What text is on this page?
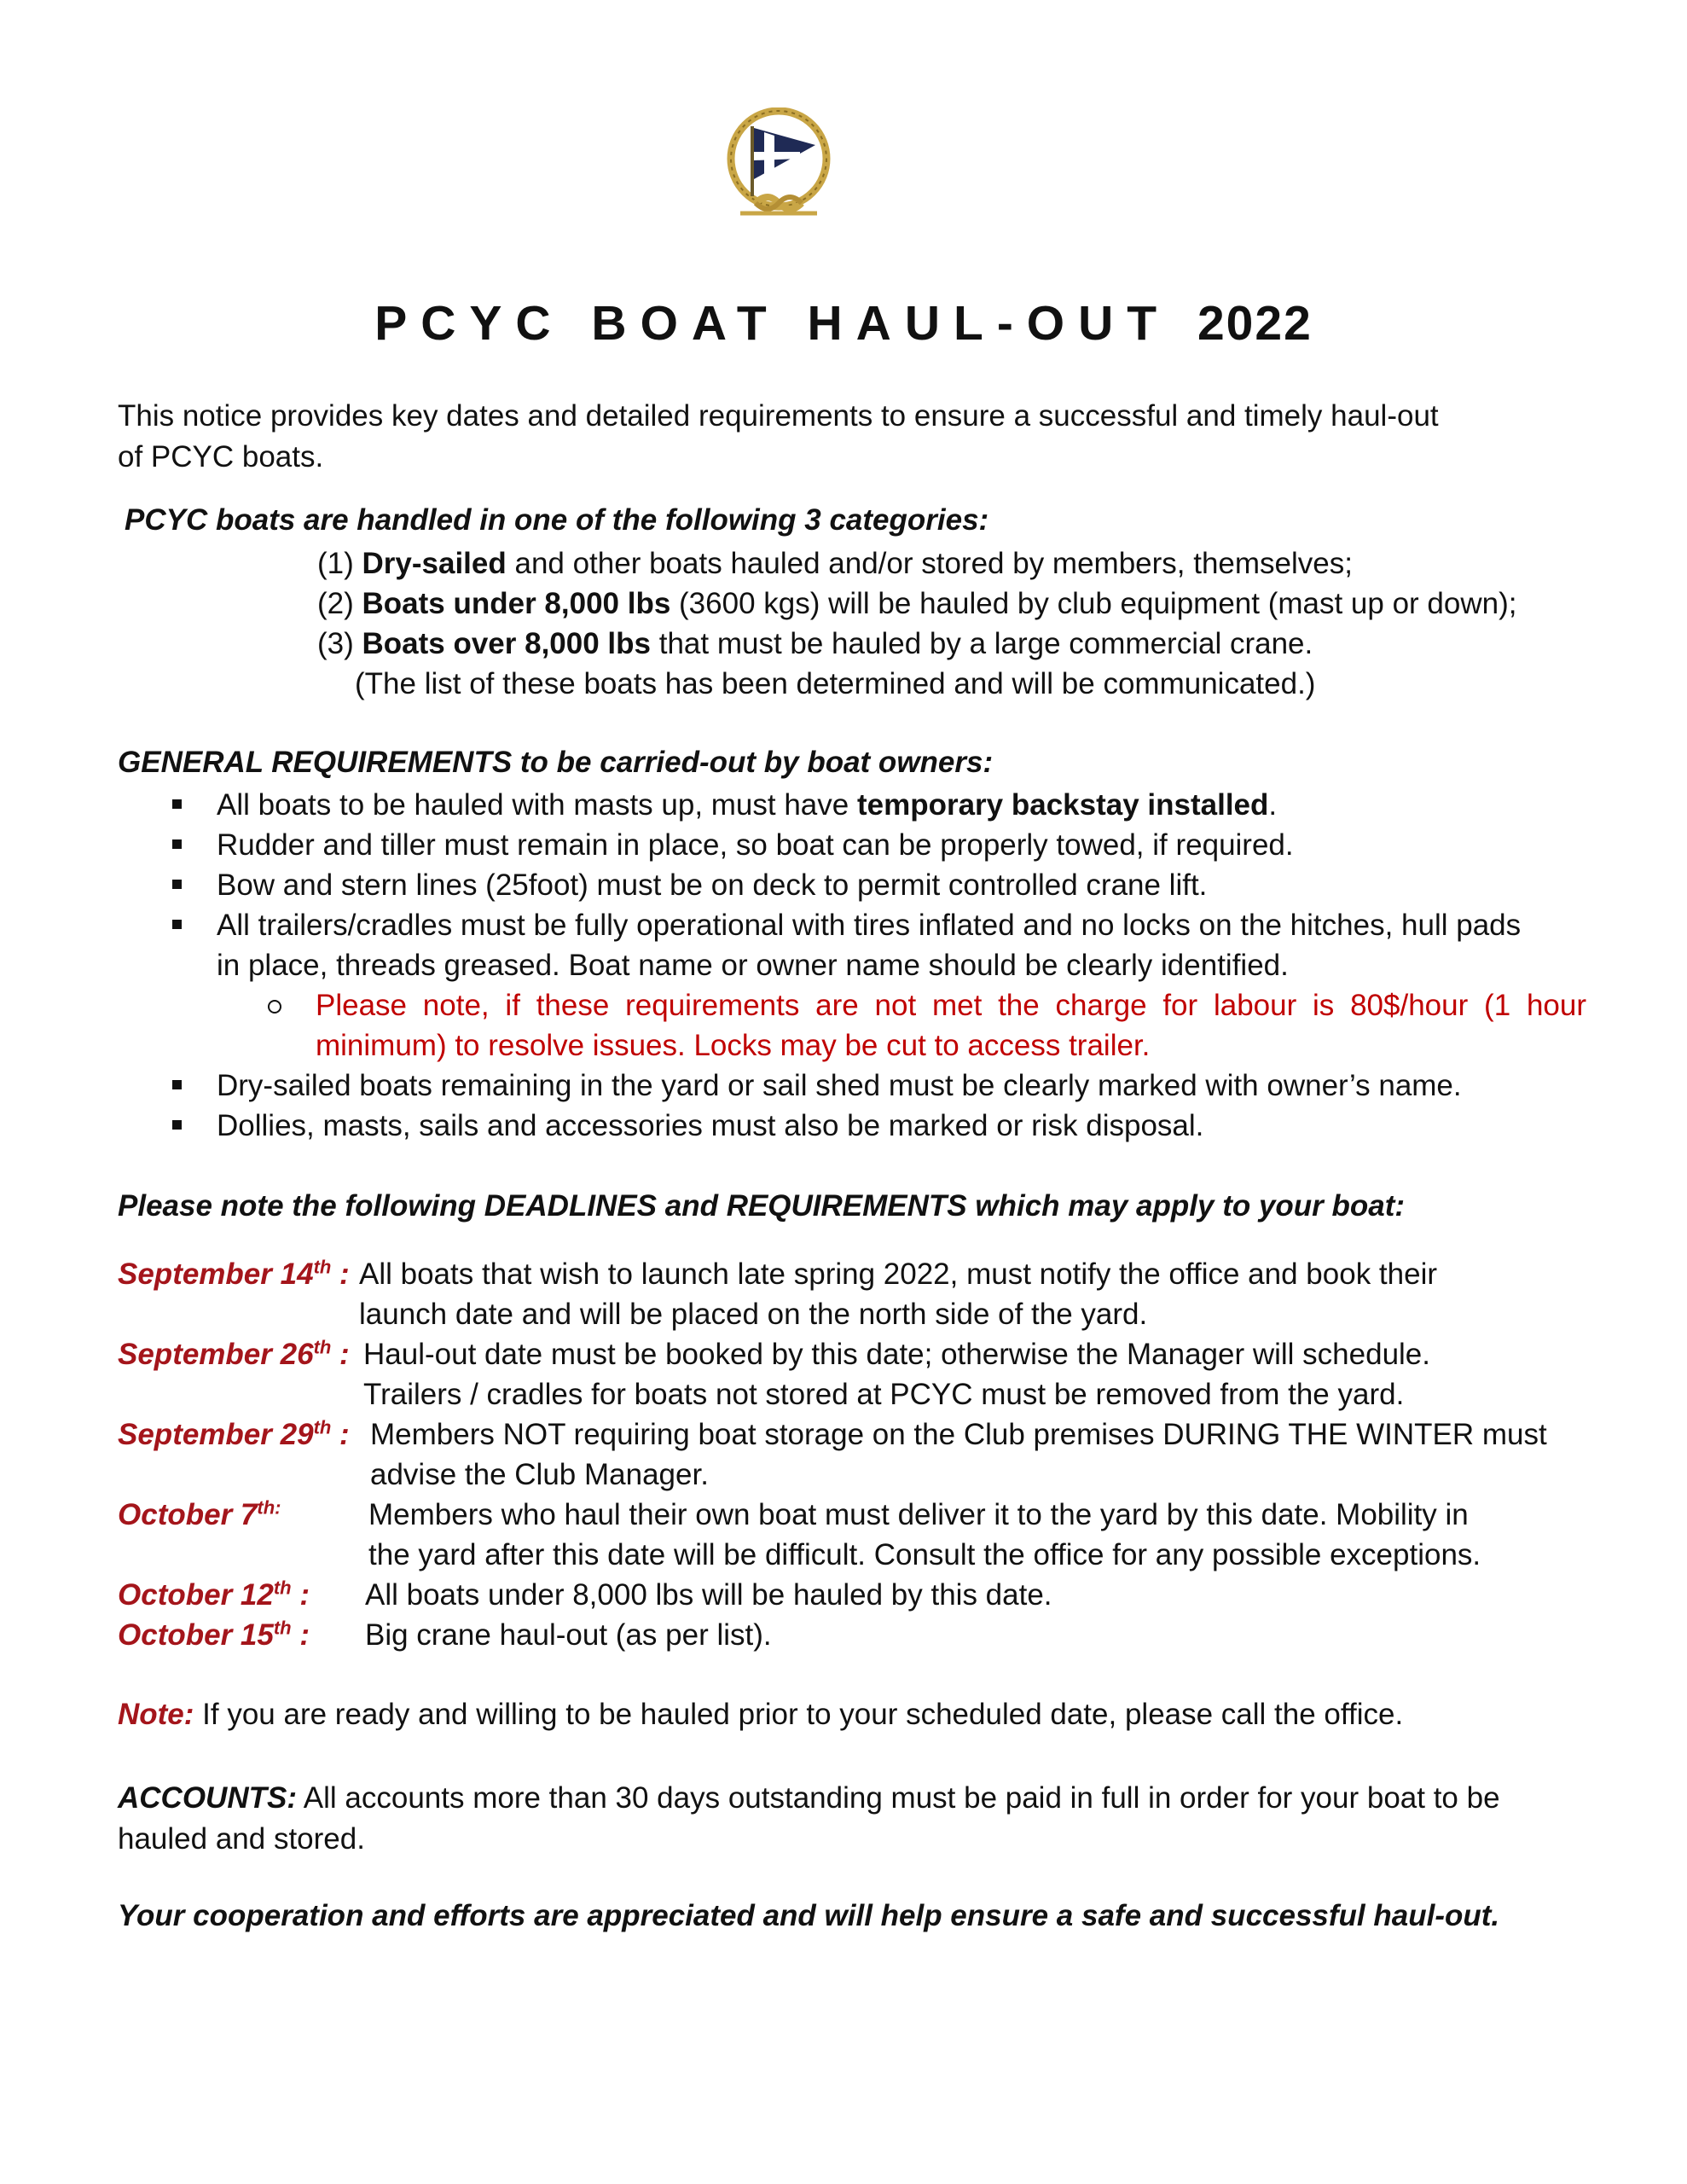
PCYC BOAT HAUL-OUT 2022
This notice provides key dates and detailed requirements to ensure a successful and timely haul-out
of PCYC boats.
PCYC boats are handled in one of the following 3 categories:
(1) Dry-sailed and other boats hauled and/or stored by members, themselves;
(2) Boats under 8,000 lbs (3600 kgs) will be hauled by club equipment (mast up or down);
(3) Boats over 8,000 lbs that must be hauled by a large commercial crane.
(The list of these boats has been determined and will be communicated.)
GENERAL REQUIREMENTS to be carried-out by boat owners:
All boats to be hauled with masts up, must have temporary backstay installed.
Rudder and tiller must remain in place, so boat can be properly towed, if required.
Bow and stern lines (25foot) must be on deck to permit controlled crane lift.
All trailers/cradles must be fully operational with tires inflated and no locks on the hitches, hull pads
in place, threads greased. Boat name or owner name should be clearly identified.
Please note, if these requirements are not met the charge for labour is 80$/hour (1 hour
minimum) to resolve issues. Locks may be cut to access trailer.
Dry-sailed boats remaining in the yard or sail shed must be clearly marked with owner’s name.
Dollies, masts, sails and accessories must also be marked or risk disposal.
Please note the following DEADLINES and REQUIREMENTS which may apply to your boat:
September 14th : All boats that wish to launch late spring 2022, must notify the office and book their
launch date and will be placed on the north side of the yard.
September 26th : Haul-out date must be booked by this date; otherwise the Manager will schedule.
Trailers / cradles for boats not stored at PCYC must be removed from the yard.
September 29th : Members NOT requiring boat storage on the Club premises DURING THE WINTER must
advise the Club Manager.
October $7^{th:}$	Members who haul their own boat must deliver it to the yard by this date. Mobility in
the yard after this date will be difficult. Consult the office for any possible exceptions.
October 12th : All boats under 8,000 lbs will be hauled by this date.
October 15th : Big crane haul-out (as per list).
Note: If you are ready and willing to be hauled prior to your scheduled date, please call the office.
ACCOUNTS: All accounts more than 30 days outstanding must be paid in full in order for your boat to be
hauled and stored.
Your cooperation and efforts are appreciated and will help ensure a safe and successful haul-out.
